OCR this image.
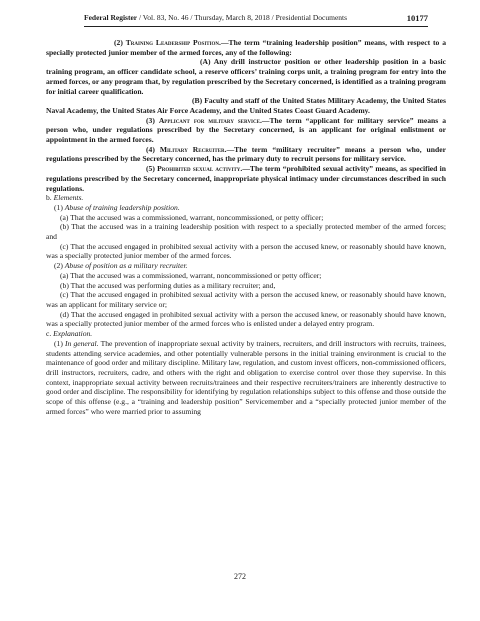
Federal Register / Vol. 83, No. 46 / Thursday, March 8, 2018 / Presidential Documents	10177

(2) Training Leadership Position.—The term “training leadership position” means, with respect to a specially protected junior member of the armed forces, any of the following:

(A) Any drill instructor position or other leadership position in a basic training program, an officer candidate school, a reserve officers’ training corps unit, a training program for entry into the armed forces, or any program that, by regulation prescribed by the Secretary concerned, is identified as a training program for initial career qualification.

(B) Faculty and staff of the United States Military Academy, the United States Naval Academy, the United States Air Force Academy, and the United States Coast Guard Academy.

(3) Applicant for military service.—The term “applicant for military service” means a person who, under regulations prescribed by the Secretary concerned, is an applicant for original enlistment or appointment in the armed forces.

(4) Military Recruiter.—The term “military recruiter” means a person who, under regulations prescribed by the Secretary concerned, has the primary duty to recruit persons for military service.

(5) Prohibited sexual activity.—The term “prohibited sexual activity” means, as specified in regulations prescribed by the Secretary concerned, inappropriate physical intimacy under circumstances described in such regulations.

b. Elements.

(1) Abuse of training leadership position.

(a) That the accused was a commissioned, warrant, noncommissioned, or petty officer;

(b) That the accused was in a training leadership position with respect to a specially protected member of the armed forces; and

(c) That the accused engaged in prohibited sexual activity with a person the accused knew, or reasonably should have known, was a specially protected junior member of the armed forces.

(2) Abuse of position as a military recruiter.

(a) That the accused was a commissioned, warrant, noncommissioned or petty officer;

(b) That the accused was performing duties as a military recruiter; and,

(c) That the accused engaged in prohibited sexual activity with a person the accused knew, or reasonably should have known, was an applicant for military service or;

(d) That the accused engaged in prohibited sexual activity with a person the accused knew, or reasonably should have known, was a specially protected junior member of the armed forces who is enlisted under a delayed entry program.

c. Explanation.

(1) In general. The prevention of inappropriate sexual activity by trainers, recruiters, and drill instructors with recruits, trainees, students attending service academies, and other potentially vulnerable persons in the initial training environment is crucial to the maintenance of good order and military discipline. Military law, regulation, and custom invest officers, non-commissioned officers, drill instructors, recruiters, cadre, and others with the right and obligation to exercise control over those they supervise. In this context, inappropriate sexual activity between recruits/trainees and their respective recruiters/trainers are inherently destructive to good order and discipline. The responsibility for identifying by regulation relationships subject to this offense and those outside the scope of this offense (e.g., a “training and leadership position” Servicemember and a “specially protected junior member of the armed forces” who were married prior to assuming

272
